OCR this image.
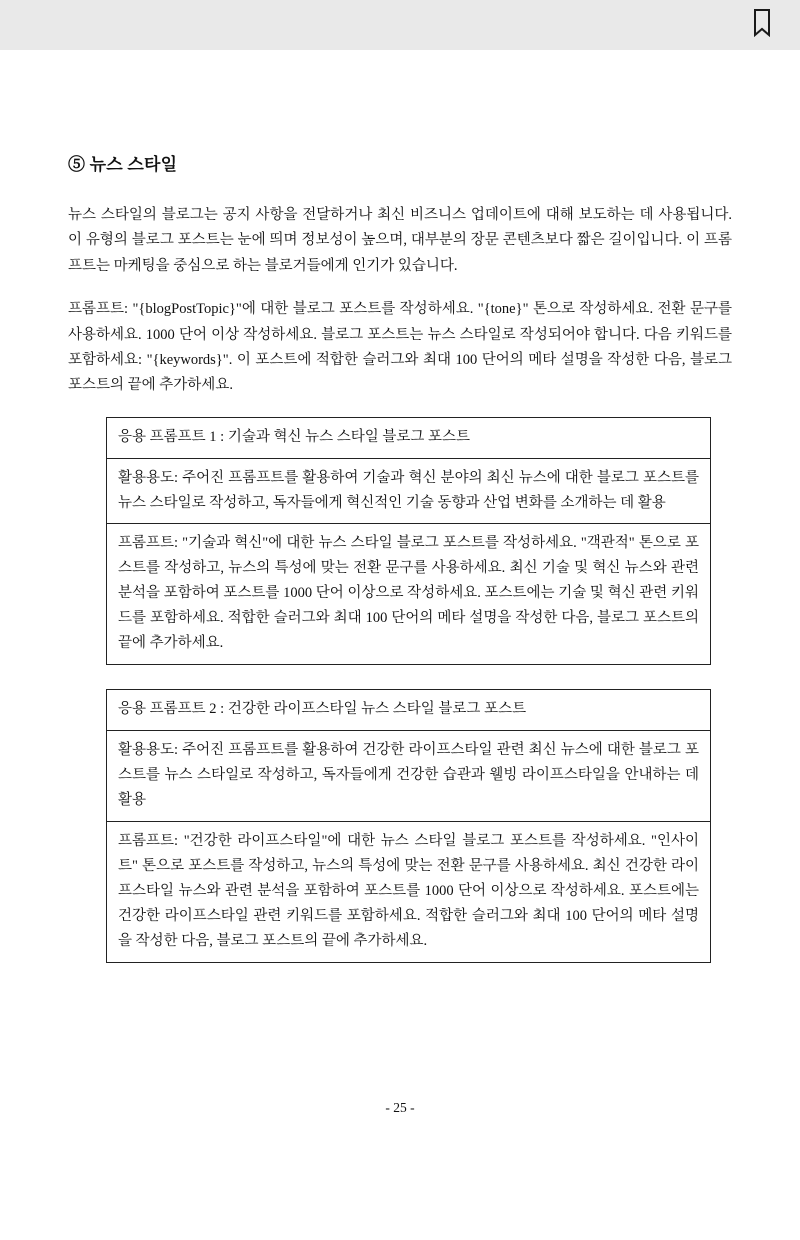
⑤ 뉴스 스타일

뉴스 스타일의 블로그는 공지 사항을 전달하거나 최신 비즈니스 업데이트에 대해 보도하는 데 사용됩니다. 이 유형의 블로그 포스트는 눈에 띄며 정보성이 높으며, 대부분의 장문 콘텐츠보다 짧은 길이입니다. 이 프롬프트는 마케팅을 중심으로 하는 블로거들에게 인기가 있습니다.

프롬프트: "{blogPostTopic}"에 대한 블로그 포스트를 작성하세요. "{tone}" 톤으로 작성하세요. 전환 문구를 사용하세요. 1000 단어 이상 작성하세요. 블로그 포스트는 뉴스 스타일로 작성되어야 합니다. 다음 키워드를 포함하세요: "{keywords}". 이 포스트에 적합한 슬러그와 최대 100 단어의 메타 설명을 작성한 다음, 블로그 포스트의 끝에 추가하세요.

응용 프롬프트 1 : 기술과 혁신 뉴스 스타일 블로그 포스트
활용용도: 주어진 프롬프트를 활용하여 기술과 혁신 분야의 최신 뉴스에 대한 블로그 포스트를 뉴스 스타일로 작성하고, 독자들에게 혁신적인 기술 동향과 산업 변화를 소개하는 데 활용
프롬프트: "기술과 혁신"에 대한 뉴스 스타일 블로그 포스트를 작성하세요. "객관적" 톤으로 포스트를 작성하고, 뉴스의 특성에 맞는 전환 문구를 사용하세요. 최신 기술 및 혁신 뉴스와 관련 분석을 포함하여 포스트를 1000 단어 이상으로 작성하세요. 포스트에는 기술 및 혁신 관련 키워드를 포함하세요. 적합한 슬러그와 최대 100 단어의 메타 설명을 작성한 다음, 블로그 포스트의 끝에 추가하세요.
응용 프롬프트 2 : 건강한 라이프스타일 뉴스 스타일 블로그 포스트
활용용도: 주어진 프롬프트를 활용하여 건강한 라이프스타일 관련 최신 뉴스에 대한 블로그 포스트를 뉴스 스타일로 작성하고, 독자들에게 건강한 습관과 웰빙 라이프스타일을 안내하는 데 활용
프롬프트: "건강한 라이프스타일"에 대한 뉴스 스타일 블로그 포스트를 작성하세요. "인사이트" 톤으로 포스트를 작성하고, 뉴스의 특성에 맞는 전환 문구를 사용하세요. 최신 건강한 라이프스타일 뉴스와 관련 분석을 포함하여 포스트를 1000 단어 이상으로 작성하세요. 포스트에는 건강한 라이프스타일 관련 키워드를 포함하세요. 적합한 슬러그와 최대 100 단어의 메타 설명을 작성한 다음, 블로그 포스트의 끝에 추가하세요.
- 25 -
